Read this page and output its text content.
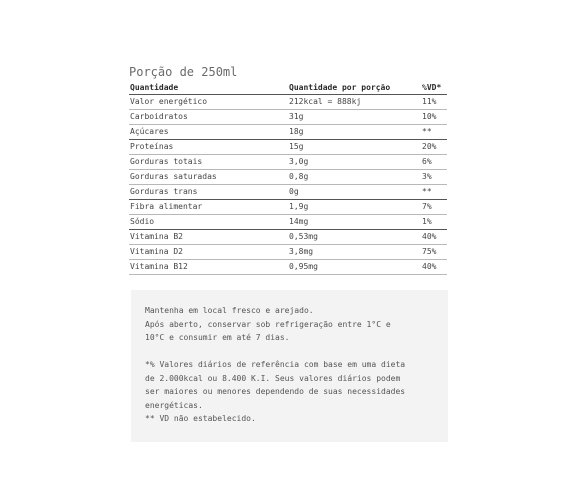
Porção de 250ml
Quantidade	Quantidade por porção	%VD*
Valor energético	212kcal = 888kj	11%
Carboidratos	31g	10%
Açúcares	18g	**
Proteínas	15g	20%
Gorduras totais	3,0g	6%
Gorduras saturadas	0,8g	3%
Gorduras trans	0g	**
Fibra alimentar	1,9g	7%
Sódio	14mg	1%
Vitamina B2	0,53mg	40%
Vitamina D2	3,8mg	75%
Vitamina B12	0,95mg	40%

Mantenha em local fresco e arejado.

Após aberto, conservar sob refrigeração entre 1°C e

10°C e consumir em até 7 dias.

*% Valores diários de referência com base em uma dieta

de 2.000kcal ou 8.400 K.I. Seus valores diários podem

ser maiores ou menores dependendo de suas necessidades

energéticas.

** VD não estabelecido.
